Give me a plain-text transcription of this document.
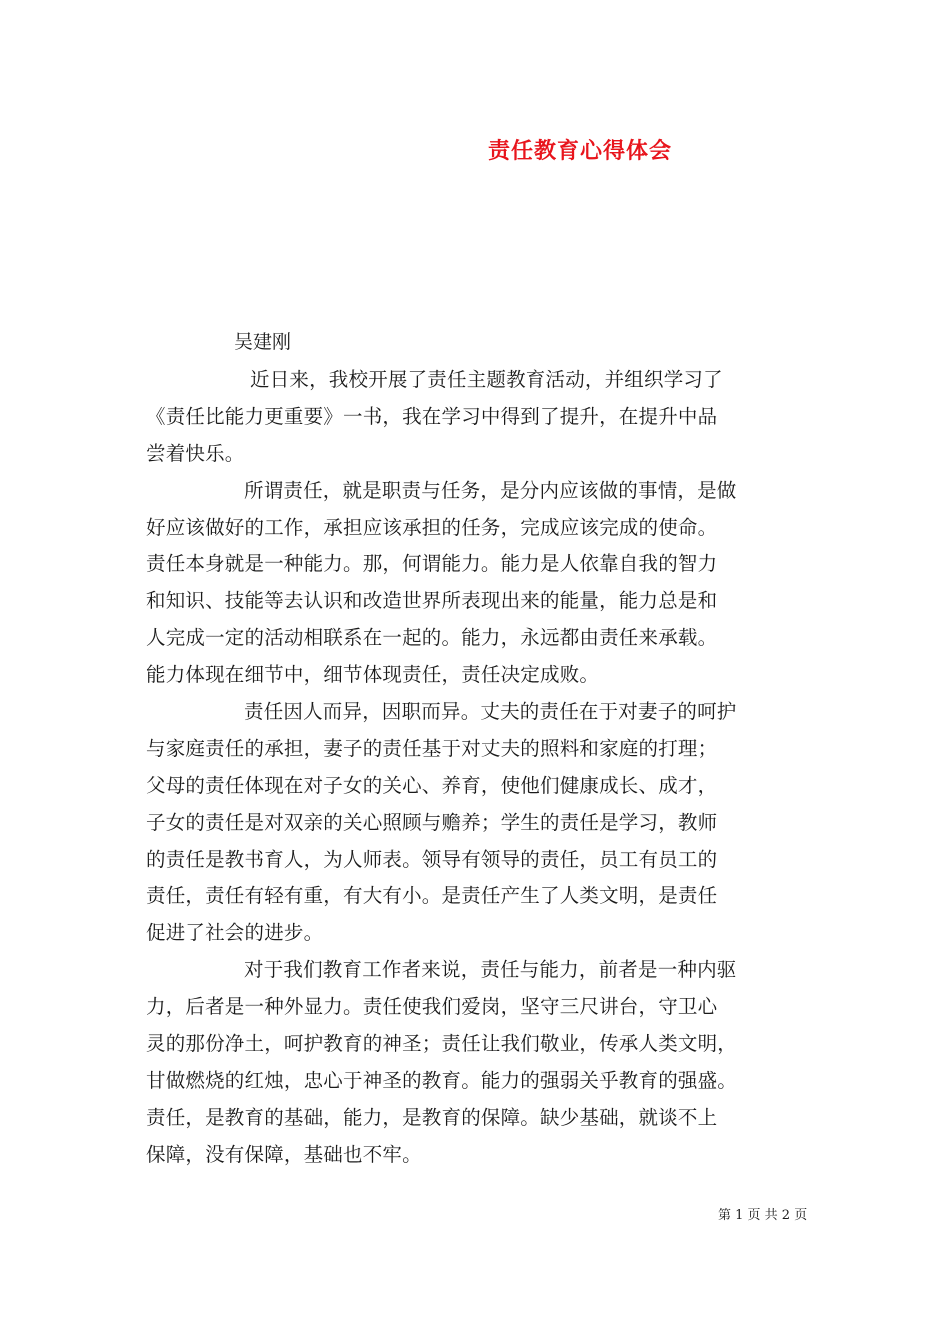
责任教育心得体会
吴建刚
近日来，我校开展了责任主题教育活动，并组织学习了
《责任比能力更重要》一书，我在学习中得到了提升，在提升中品
尝着快乐。
所谓责任，就是职责与任务，是分内应该做的事情，是做
好应该做好的工作，承担应该承担的任务，完成应该完成的使命。
责任本身就是一种能力。那，何谓能力。能力是人依靠自我的智力
和知识、技能等去认识和改造世界所表现出来的能量，能力总是和
人完成一定的活动相联系在一起的。能力，永远都由责任来承载。
能力体现在细节中，细节体现责任，责任决定成败。
责任因人而异，因职而异。丈夫的责任在于对妻子的呵护
与家庭责任的承担，妻子的责任基于对丈夫的照料和家庭的打理；
父母的责任体现在对子女的关心、养育，使他们健康成长、成才，
子女的责任是对双亲的关心照顾与赡养；学生的责任是学习，教师
的责任是教书育人，为人师表。领导有领导的责任，员工有员工的
责任，责任有轻有重，有大有小。是责任产生了人类文明，是责任
促进了社会的进步。
对于我们教育工作者来说，责任与能力，前者是一种内驱
力，后者是一种外显力。责任使我们爱岗，坚守三尺讲台，守卫心
灵的那份净土，呵护教育的神圣；责任让我们敬业，传承人类文明，
甘做燃烧的红烛，忠心于神圣的教育。能力的强弱关乎教育的强盛。
责任，是教育的基础，能力，是教育的保障。缺少基础，就谈不上
保障，没有保障，基础也不牢。
第 1 页 共 2 页
